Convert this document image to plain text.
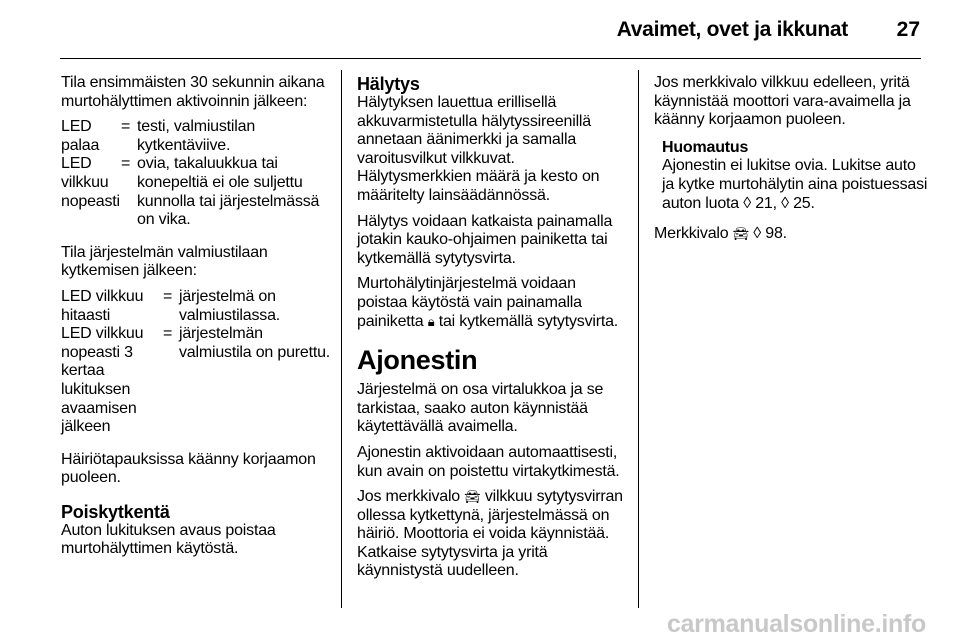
Avaimet, ovet ja ikkunat	27

Tila ensimmäisten 30 sekunnin aikana murtohälyttimen aktivoinnin jälkeen:

LED palaa
= testi, valmiustilan kytkentäviive.
LED vilkkuu nopeasti
= ovia, takaluukkua tai konepeltiä ei ole suljettu kunnolla tai järjestelmässä on vika.

Tila järjestelmän valmiustilaan kytkemisen jälkeen:

LED vilkkuu hitaasti
= järjestelmä on valmiustilassa.
LED vilkkuu nopeasti 3 kertaa lukituksen avaamisen jälkeen
= järjestelmän valmiustila on purettu.

Häiriötapauksissa käänny korjaamon puoleen.

Poiskytkentä

Auton lukituksen avaus poistaa murtohälyttimen käytöstä.

Hälytys

Hälytyksen lauettua erillisellä akkuvarmistetulla hälytyssireenillä annetaan äänimerkki ja samalla varoitusvilkut vilkkuvat. Hälytysmerkkien määrä ja kesto on määritelty lainsäädännössä.

Hälytys voidaan katkaista painamalla jotakin kauko-ohjaimen painiketta tai kytkemällä sytytysvirta.

Murtohälytinjärjestelmä voidaan poistaa käytöstä vain painamalla painiketta 🔒︎ tai kytkemällä sytytysvirta.

Ajonestin

Järjestelmä on osa virtalukkoa ja se tarkistaa, saako auton käynnistää käytettävällä avaimella.

Ajonestin aktivoidaan automaattisesti, kun avain on poistettu virtakytkimestä.

Jos merkkivalo 🚘︎ vilkkuu sytytysvirran ollessa kytkettynä, järjestelmässä on häiriö. Moottoria ei voida käynnistää. Katkaise sytytysvirta ja yritä käynnistystä uudelleen.

Jos merkkivalo vilkkuu edelleen, yritä käynnistää moottori vara-avaimella ja käänny korjaamon puoleen.

Huomautus
Ajonestin ei lukitse ovia. Lukitse auto ja kytke murtohälytin aina poistuessasi auton luota ◊ 21, ◊ 25.

Merkkivalo 🚘︎ ◊ 98.

carmanualsonline.info
